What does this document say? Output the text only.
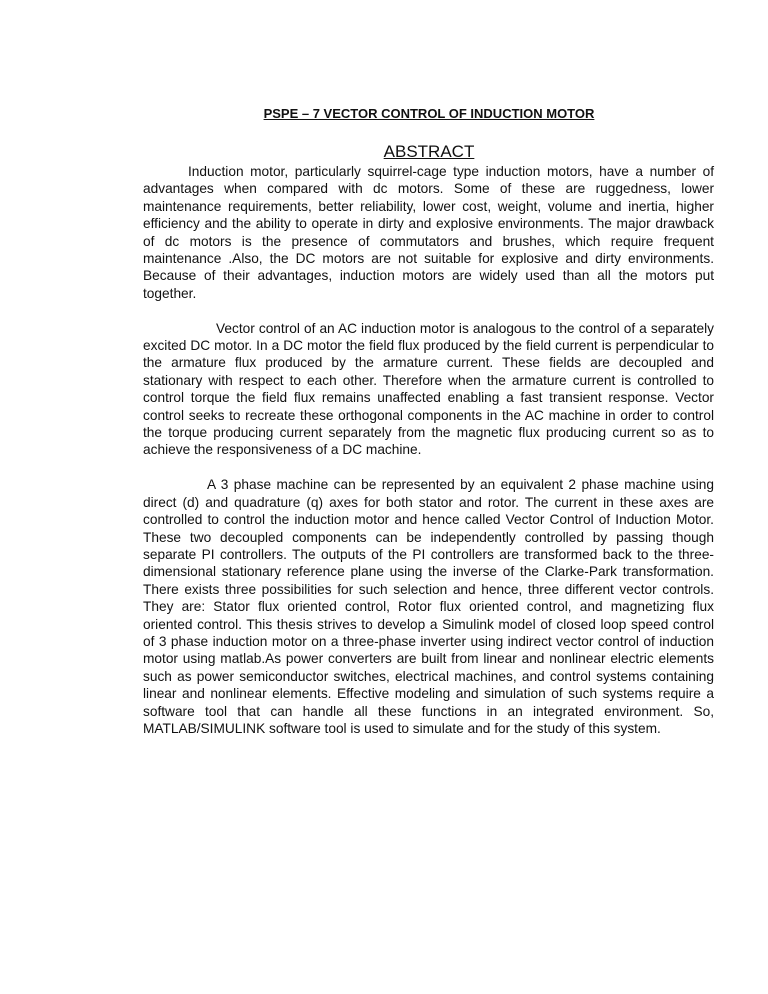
PSPE – 7 VECTOR CONTROL OF INDUCTION MOTOR
ABSTRACT

Induction motor, particularly squirrel-cage type induction motors, have a number of advantages when compared with dc motors. Some of these are ruggedness, lower maintenance requirements, better reliability, lower cost, weight, volume and inertia, higher efficiency and the ability to operate in dirty and explosive environments. The major drawback of dc motors is the presence of commutators and brushes, which require frequent maintenance .Also, the DC motors are not suitable for explosive and dirty environments. Because of their advantages, induction motors are widely used than all the motors put together.

Vector control of an AC induction motor is analogous to the control of a separately excited DC motor. In a DC motor the field flux produced by the field current is perpendicular to the armature flux produced by the armature current. These fields are decoupled and stationary with respect to each other. Therefore when the armature current is controlled to control torque the field flux remains unaffected enabling a fast transient response. Vector control seeks to recreate these orthogonal components in the AC machine in order to control the torque producing current separately from the magnetic flux producing current so as to achieve the responsiveness of a DC machine.

A 3 phase machine can be represented by an equivalent 2 phase machine using direct (d) and quadrature (q) axes for both stator and rotor. The current in these axes are controlled to control the induction motor and hence called Vector Control of Induction Motor. These two decoupled components can be independently controlled by passing though separate PI controllers. The outputs of the PI controllers are transformed back to the three-dimensional stationary reference plane using the inverse of the Clarke-Park transformation. There exists three possibilities for such selection and hence, three different vector controls. They are: Stator flux oriented control, Rotor flux oriented control, and magnetizing flux oriented control. This thesis strives to develop a Simulink model of closed loop speed control of 3 phase induction motor on a three-phase inverter using indirect vector control of induction motor using matlab.As power converters are built from linear and nonlinear electric elements such as power semiconductor switches, electrical machines, and control systems containing linear and nonlinear elements. Effective modeling and simulation of such systems require a software tool that can handle all these functions in an integrated environment. So, MATLAB/SIMULINK software tool is used to simulate and for the study of this system.
